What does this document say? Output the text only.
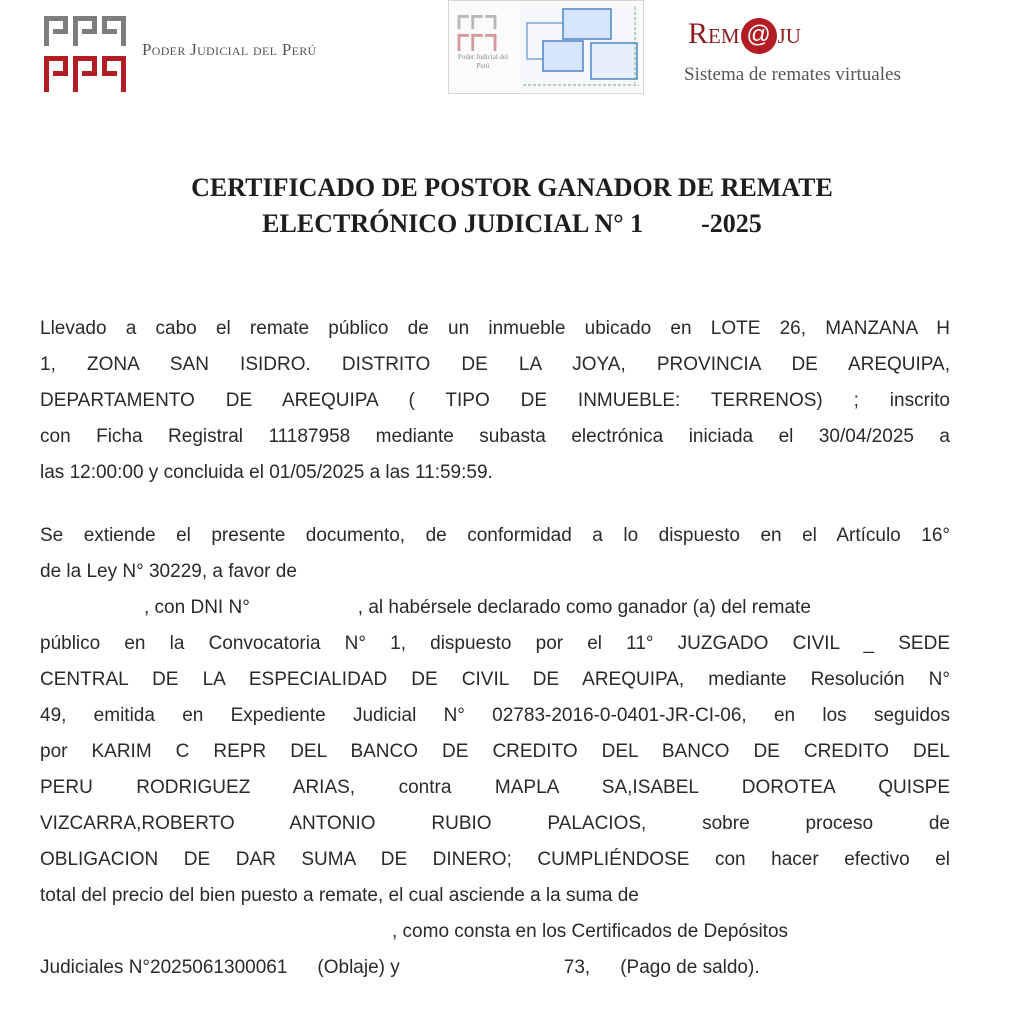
Poder Judicial del Perú	Poder Judicial del Perú
Rem @ ju
Sistema de remates virtuales
CERTIFICADO DE POSTOR GANADOR DE REMATE
ELECTRÓNICO JUDICIAL N° 1 -2025
Llevado a cabo el remate público de un inmueble ubicado en LOTE 26, MANZANA H
1, ZONA SAN ISIDRO. DISTRITO DE LA JOYA, PROVINCIA DE AREQUIPA,
DEPARTAMENTO DE AREQUIPA ( TIPO DE INMUEBLE: TERRENOS) ; inscrito
con Ficha Registral 11187958 mediante subasta electrónica iniciada el 30/04/2025 a
las 12:00:00 y concluida el 01/05/2025 a las 11:59:59.
Se extiende el presente documento, de conformidad a lo dispuesto en el Artículo 16°
de la Ley N° 30229, a favor de
, con DNI N°	, al habérsele declarado como ganador (a) del remate
público en la Convocatoria N° 1, dispuesto por el 11° JUZGADO CIVIL _ SEDE
CENTRAL DE LA ESPECIALIDAD DE CIVIL DE AREQUIPA, mediante Resolución N°
49, emitida en Expediente Judicial N° 02783-2016-0-0401-JR-CI-06, en los seguidos
por KARIM C REPR DEL BANCO DE CREDITO DEL BANCO DE CREDITO DEL
PERU RODRIGUEZ ARIAS, contra MAPLA SA,ISABEL DOROTEA QUISPE
VIZCARRA,ROBERTO ANTONIO RUBIO PALACIOS, sobre proceso de
OBLIGACION DE DAR SUMA DE DINERO; CUMPLIÉNDOSE con hacer efectivo el
total del precio del bien puesto a remate, el cual asciende a la suma de
, como consta en los Certificados de Depósitos
Judiciales N°2025061300061 (Oblaje) y	73, (Pago de saldo).
